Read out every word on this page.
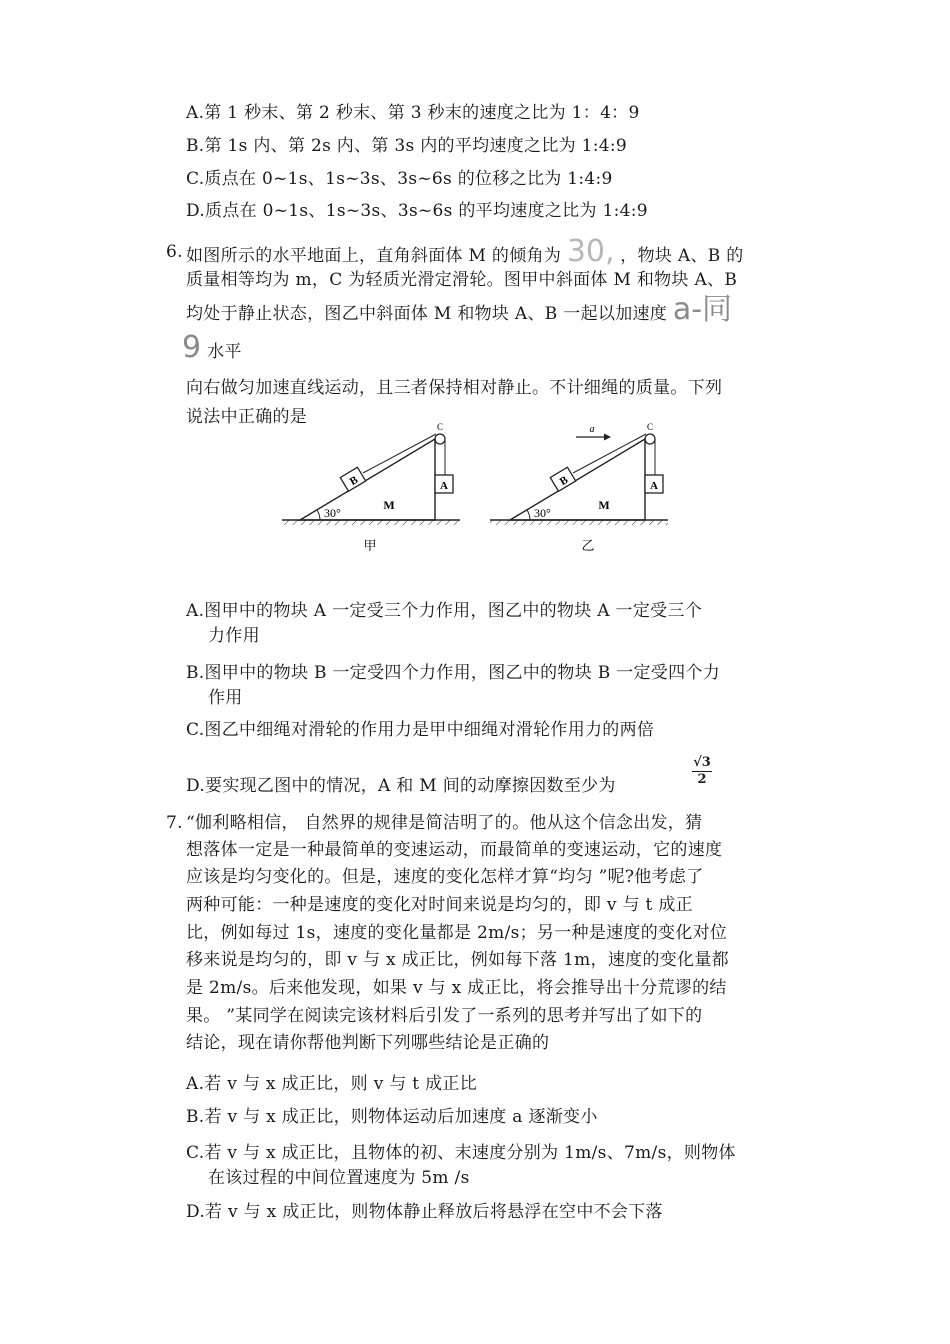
A.第 1 秒末、第 2 秒末、第 3 秒末的速度之比为 1：4：9
B.第 1s 内、第 2s 内、第 3s 内的平均速度之比为 1:4:9
C.质点在 0~1s、1s~3s、3s~6s 的位移之比为 1:4:9
D.质点在 0~1s、1s~3s、3s~6s 的平均速度之比为 1:4:9
6. 如图所示的水平地面上，直角斜面体 M 的倾角为 30, ，物块 A、B 的
质量相等均为 m，C 为轻质光滑定滑轮。图甲中斜面体 M 和物块 A、B
均处于静止状态，图乙中斜面体 M 和物块 A、B 一起以加速度 a-同
9 水平
向右做匀加速直线运动，且三者保持相对静止。不计细绳的质量。下列
说法中正确的是
B	A
C
30°
M
甲
B	A
C
a
30°
M
乙
A.图甲中的物块 A 一定受三个力作用，图乙中的物块 A 一定受三个
力作用
B.图甲中的物块 B 一定受四个力作用，图乙中的物块 B 一定受四个力
作用
C.图乙中细绳对滑轮的作用力是甲中细绳对滑轮作用力的两倍
D.要实现乙图中的情况，A 和 M 间的动摩擦因数至少为
√3
2
7. “伽利略相信， 自然界的规律是简洁明了的。他从这个信念出发，猜
想落体一定是一种最简单的变速运动，而最简单的变速运动，它的速度
应该是均匀变化的。但是，速度的变化怎样才算“均匀 ”呢?他考虑了
两种可能：一种是速度的变化对时间来说是均匀的，即 v 与 t 成正
比，例如每过 1s，速度的变化量都是 2m/s；另一种是速度的变化对位
移来说是均匀的，即 v 与 x 成正比，例如每下落 1m，速度的变化量都
是 2m/s。后来他发现，如果 v 与 x 成正比，将会推导出十分荒谬的结
果。 ”某同学在阅读完该材料后引发了一系列的思考并写出了如下的
结论，现在请你帮他判断下列哪些结论是正确的
A.若 v 与 x 成正比，则 v 与 t 成正比
B.若 v 与 x 成正比，则物体运动后加速度 a 逐渐变小
C.若 v 与 x 成正比，且物体的初、末速度分别为 1m/s、7m/s，则物体
在该过程的中间位置速度为 5m /s
D.若 v 与 x 成正比，则物体静止释放后将悬浮在空中不会下落
